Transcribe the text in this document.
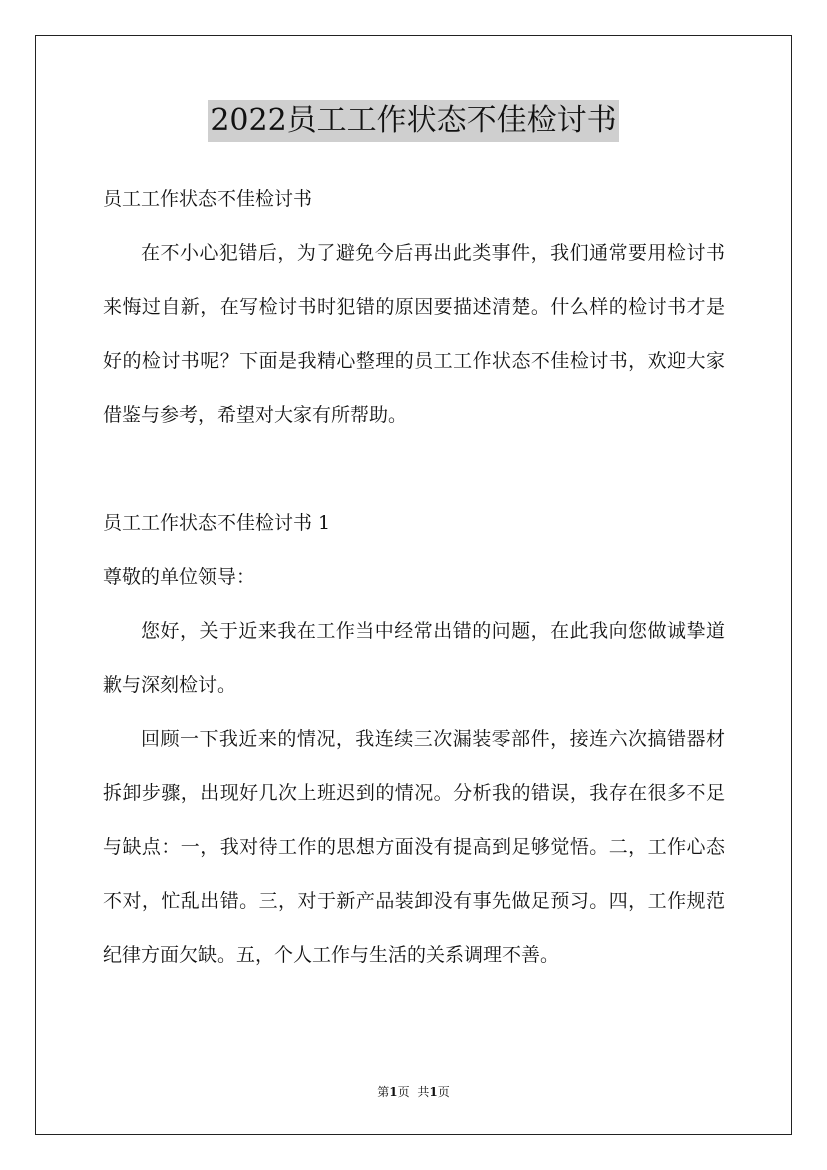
2022员工工作状态不佳检讨书

员工工作状态不佳检讨书

在不小心犯错后，为了避免今后再出此类事件，我们通常要用检讨书来悔过自新，在写检讨书时犯错的原因要描述清楚。什么样的检讨书才是好的检讨书呢？下面是我精心整理的员工工作状态不佳检讨书，欢迎大家借鉴与参考，希望对大家有所帮助。

员工工作状态不佳检讨书 1

尊敬的单位领导：

您好，关于近来我在工作当中经常出错的问题，在此我向您做诚挚道歉与深刻检讨。

回顾一下我近来的情况，我连续三次漏装零部件，接连六次搞错器材拆卸步骤，出现好几次上班迟到的情况。分析我的错误，我存在很多不足与缺点：一，我对待工作的思想方面没有提高到足够觉悟。二，工作心态不对，忙乱出错。三，对于新产品装卸没有事先做足预习。四，工作规范纪律方面欠缺。五，个人工作与生活的关系调理不善。

第1页 共1页
